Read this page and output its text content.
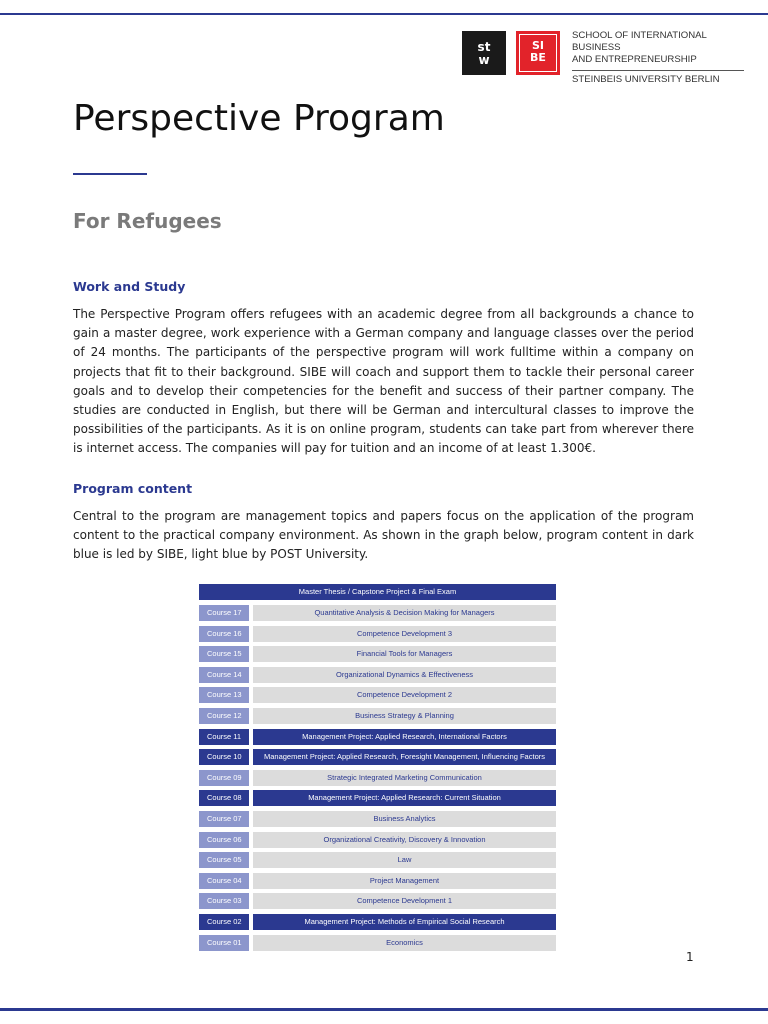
st
w
SI
BE
SCHOOL OF INTERNATIONAL BUSINESS
AND ENTREPRENEURSHIP
STEINBEIS UNIVERSITY BERLIN
Perspective Program
For Refugees
Work and Study
The Perspective Program offers refugees with an academic degree from all backgrounds a chance to gain a master degree, work experience with a German company and language classes over the period of 24 months. The participants of the perspective program will work fulltime within a company on projects that fit to their background. SIBE will coach and support them to tackle their personal career goals and to develop their competencies for the benefit and success of their partner company. The studies are conducted in English, but there will be German and intercultural classes to improve the possibilities of the participants. As it is on online program, students can take part from wherever there is internet access. The companies will pay for tuition and an income of at least 1.300€.
Program content
Central to the program are management topics and papers focus on the application of the program content to the practical company environment. As shown in the graph below, program content in dark blue is led by SIBE, light blue by POST University.
Master Thesis / Capstone Project & Final Exam
Course 17	Quantitative Analysis & Decision Making for Managers
Course 16	Competence Development 3
Course 15	Financial Tools for Managers
Course 14	Organizational Dynamics & Effectiveness
Course 13	Competence Development 2
Course 12	Business Strategy & Planning
Course 11	Management Project: Applied Research, International Factors
Course 10	Management Project: Applied Research, Foresight Management, Influencing Factors
Course 09	Strategic Integrated Marketing Communication
Course 08	Management Project: Applied Research: Current Situation
Course 07	Business Analytics
Course 06	Organizational Creativity, Discovery & Innovation
Course 05	Law
Course 04	Project Management
Course 03	Competence Development 1
Course 02	Management Project: Methods of Empirical Social Research
Course 01	Economics
1
